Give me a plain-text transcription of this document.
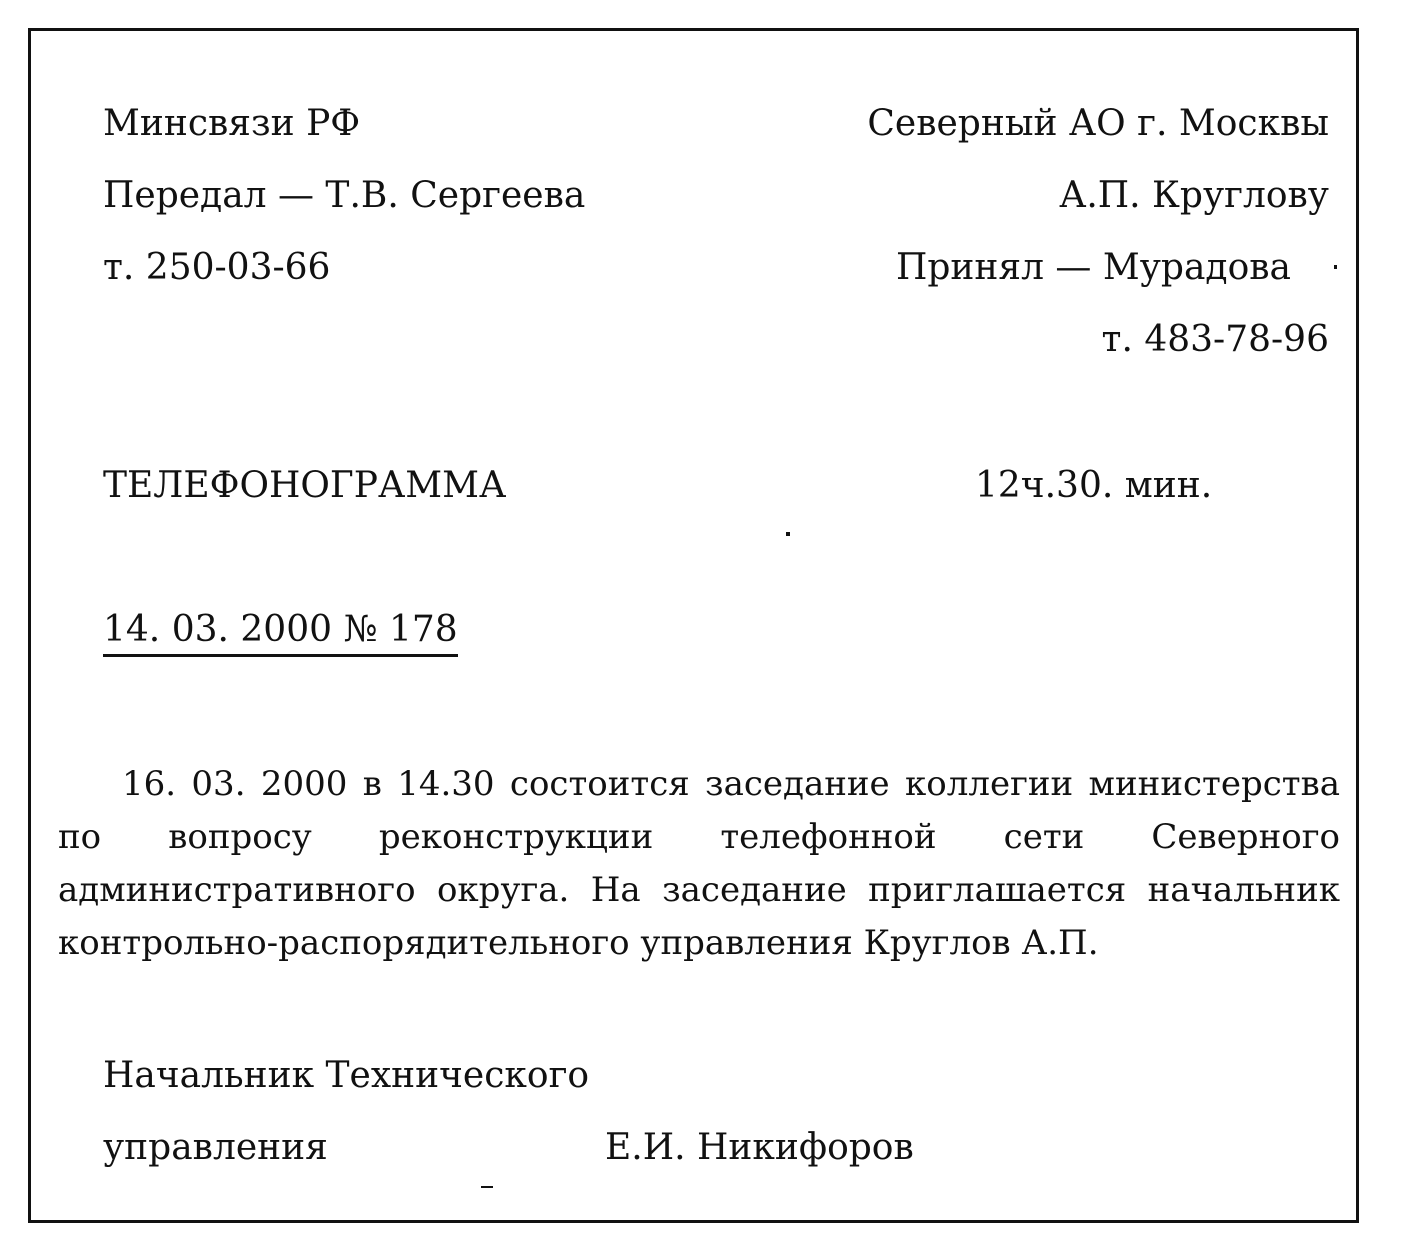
Минсвязи РФ
Передал — Т.В. Сергеева
т. 250-03-66
Северный АО г. Москвы
А.П. Круглову
Принял — Мурадова
т. 483-78-96
ТЕЛЕФОНОГРАММА	12ч.30. мин.
14. 03. 2000 № 178
16. 03. 2000 в 14.30 состоится заседание коллегии министерства по вопросу реконструкции телефонной сети Северного административного округа. На заседание приглашается начальник контрольно-распорядительного управления Круглов А.П.
Начальник Технического
управления	Е.И. Никифоров
